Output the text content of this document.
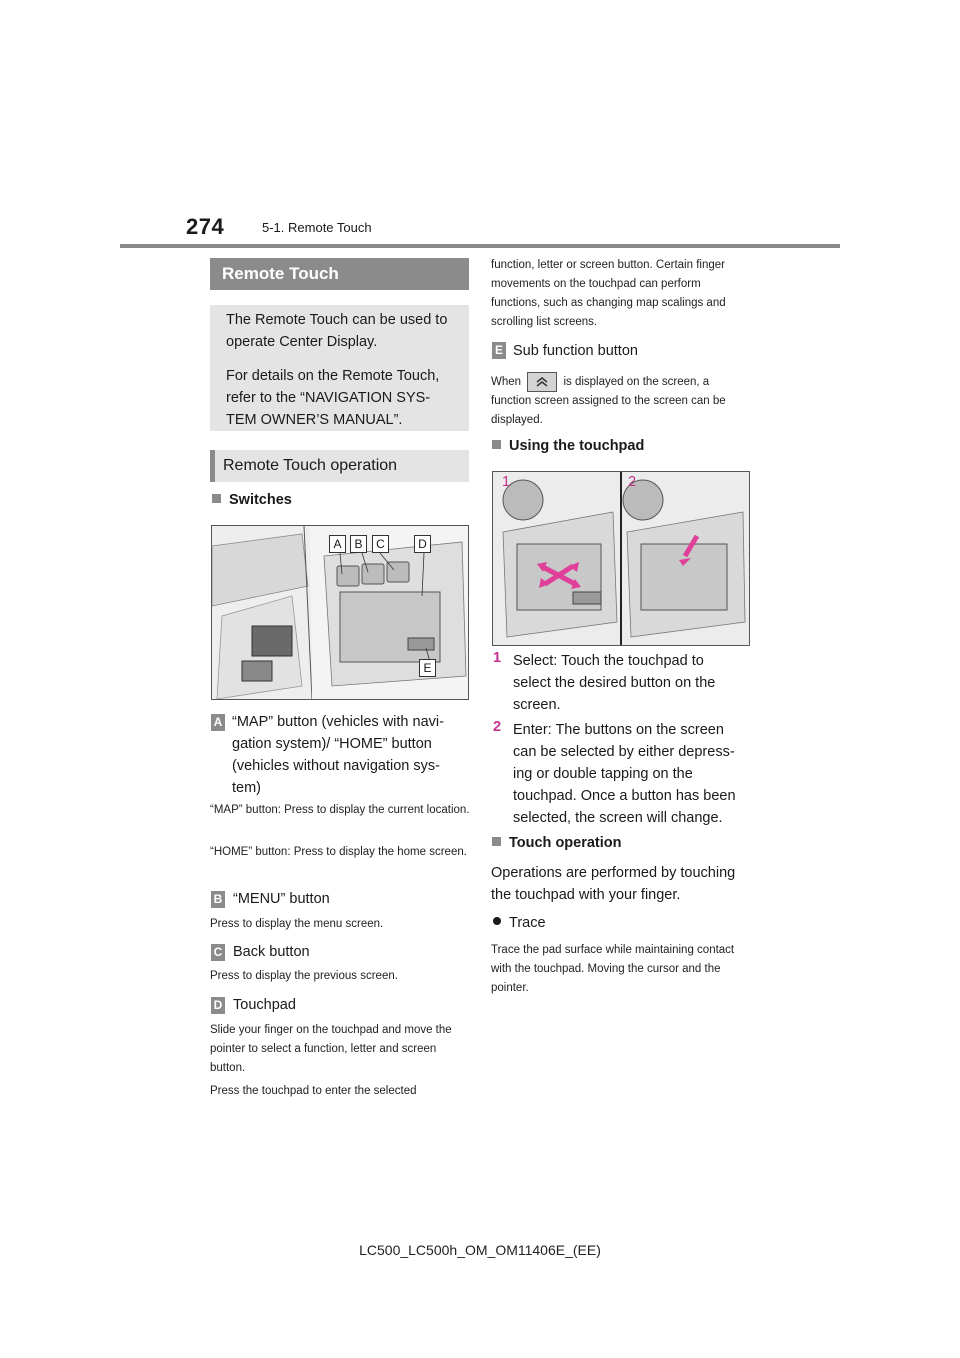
274	5-1. Remote Touch
Remote Touch

The Remote Touch can be used to operate Center Display.

For details on the Remote Touch, refer to the “NAVIGATION SYS-TEM OWNER’S MANUAL”.

Remote Touch operation
Switches
A	B	C	D
E
A “MAP” button (vehicles with navi-gation system)/ “HOME” button (vehicles without navigation sys-tem)
“MAP” button: Press to display the current location.
“HOME” button: Press to display the home screen.
B “MENU” button
Press to display the menu screen.
C Back button
Press to display the previous screen.
D Touchpad
Slide your finger on the touchpad and move the pointer to select a function, letter and screen button.
Press the touchpad to enter the selected
function, letter or screen button. Certain finger movements on the touchpad can perform functions, such as changing map scalings and scrolling list screens.
E Sub function button
When	is displayed on the screen, a function screen assigned to the screen can be displayed.
Using the touchpad
1	2
1 Select: Touch the touchpad to select the desired button on the screen.
2 Enter: The buttons on the screen can be selected by either depress-ing or double tapping on the touchpad. Once a button has been selected, the screen will change.
Touch operation
Operations are performed by touching the touchpad with your finger.
Trace
Trace the pad surface while maintaining contact with the touchpad. Moving the cursor and the pointer.
LC500_LC500h_OM_OM11406E_(EE)
